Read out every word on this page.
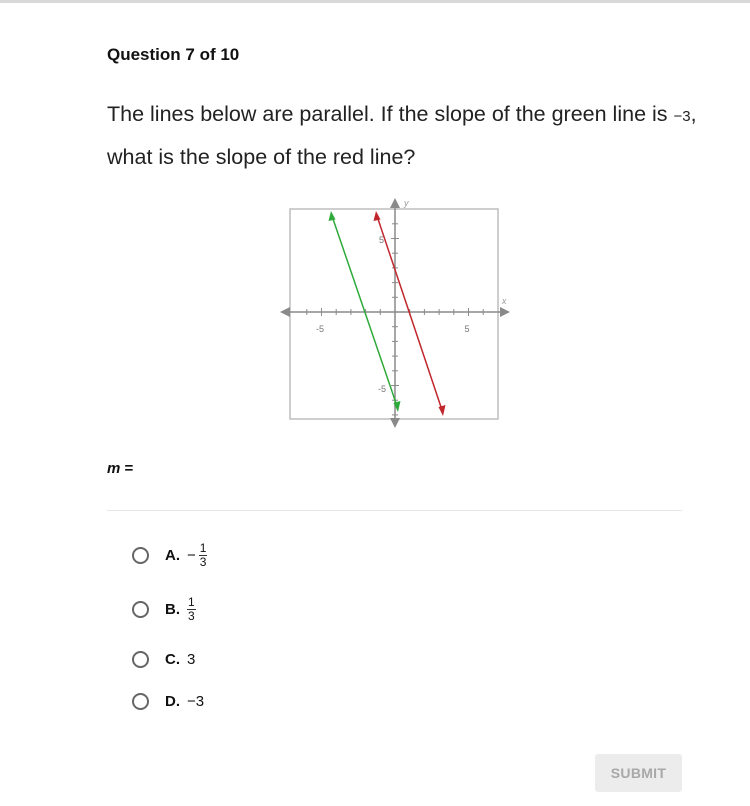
Question 7 of 10
The lines below are parallel. If the slope of the green line is −3, what is the slope of the red line?
-5	5
5
-5
x
y
m =
A. − $\frac{1}{3}$
B. $\frac{1}{3}$
C. 3
D. −3
SUBMIT
